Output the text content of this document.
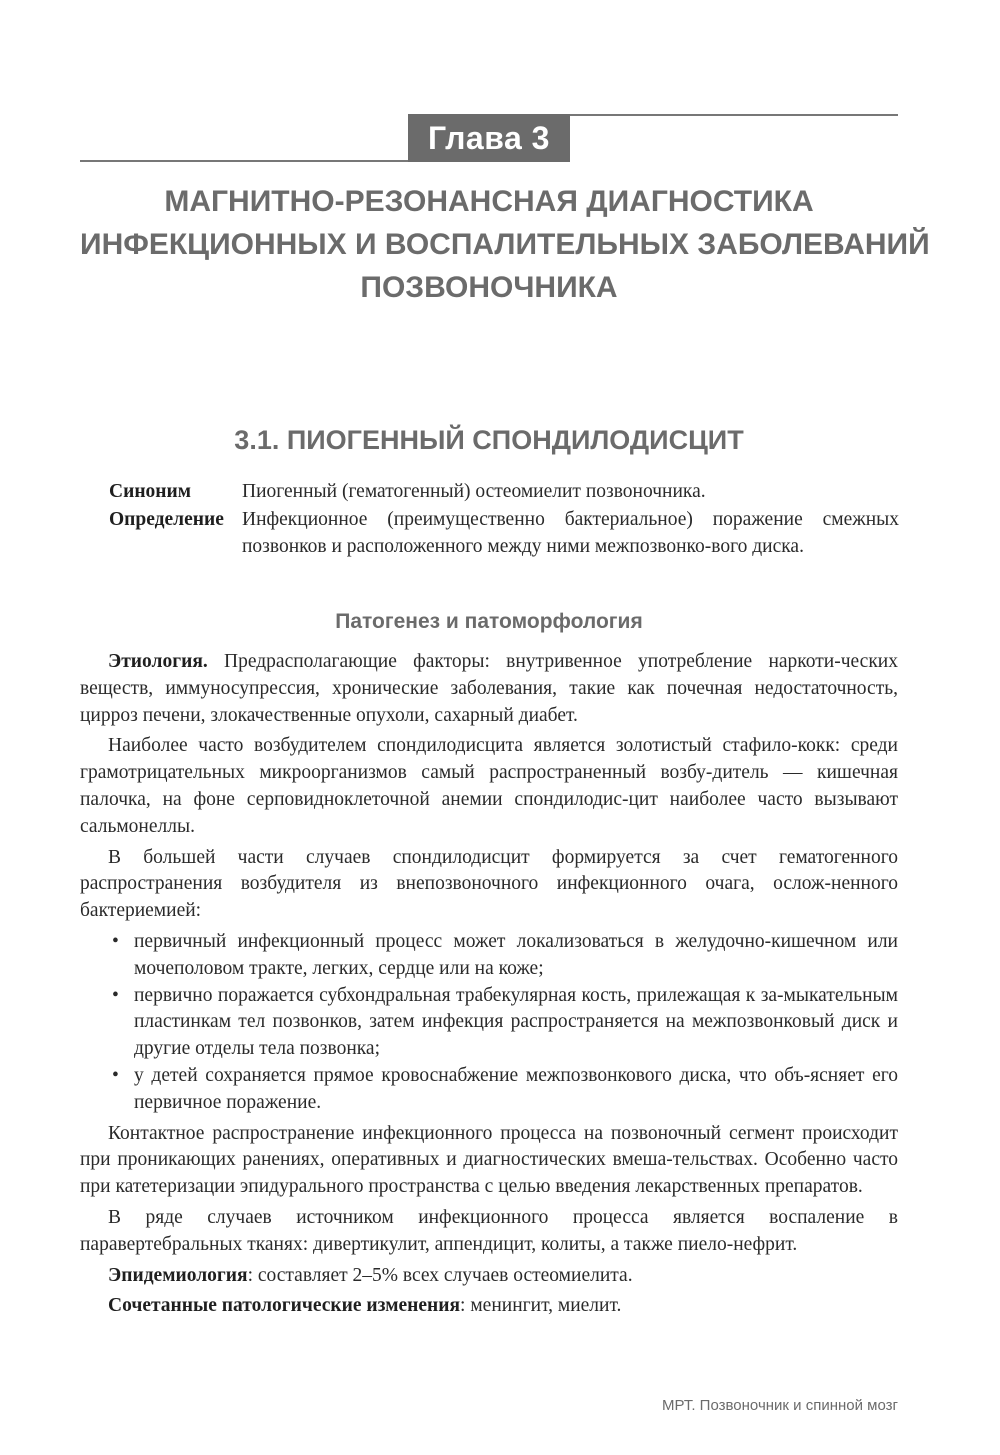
Глава 3
МАГНИТНО-РЕЗОНАНСНАЯ ДИАГНОСТИКА
ИНФЕКЦИОННЫХ И ВОСПАЛИТЕЛЬНЫХ ЗАБОЛЕВАНИЙ
ПОЗВОНОЧНИКА
3.1. ПИОГЕННЫЙ СПОНДИЛОДИСЦИТ
Синоним	Пиогенный (гематогенный) остеомиелит позвоночника.
Определение Инфекционное (преимущественно бактериальное) поражение смежных позвонков и расположенного между ними межпозвонко-вого диска.
Патогенез и патоморфология

Этиология. Предрасполагающие факторы: внутривенное употребление наркоти-ческих веществ, иммуносупрессия, хронические заболевания, такие как почечная недостаточность, цирроз печени, злокачественные опухоли, сахарный диабет.

Наиболее часто возбудителем спондилодисцита является золотистый стафило-кокк: среди грамотрицательных микроорганизмов самый распространенный возбу-дитель — кишечная палочка, на фоне серповидноклеточной анемии спондилодис-цит наиболее часто вызывают сальмонеллы.

В большей части случаев спондилодисцит формируется за счет гематогенного распространения возбудителя из внепозвоночного инфекционного очага, ослож-ненного бактериемией:

• первичный инфекционный процесс может локализоваться в желудочно-кишечном или мочеполовом тракте, легких, сердце или на коже;
• первично поражается субхондральная трабекулярная кость, прилежащая к за-мыкательным пластинкам тел позвонков, затем инфекция распространяется на межпозвонковый диск и другие отделы тела позвонка;
• у детей сохраняется прямое кровоснабжение межпозвонкового диска, что объ-ясняет его первичное поражение.

Контактное распространение инфекционного процесса на позвоночный сегмент происходит при проникающих ранениях, оперативных и диагностических вмеша-тельствах. Особенно часто при катетеризации эпидурального пространства с целью введения лекарственных препаратов.

В ряде случаев источником инфекционного процесса является воспаление в паравертебральных тканях: дивертикулит, аппендицит, колиты, а также пиело-нефрит.

Эпидемиология: составляет 2–5% всех случаев остеомиелита.

Сочетанные патологические изменения: менингит, миелит.

МРТ. Позвоночник и спинной мозг
